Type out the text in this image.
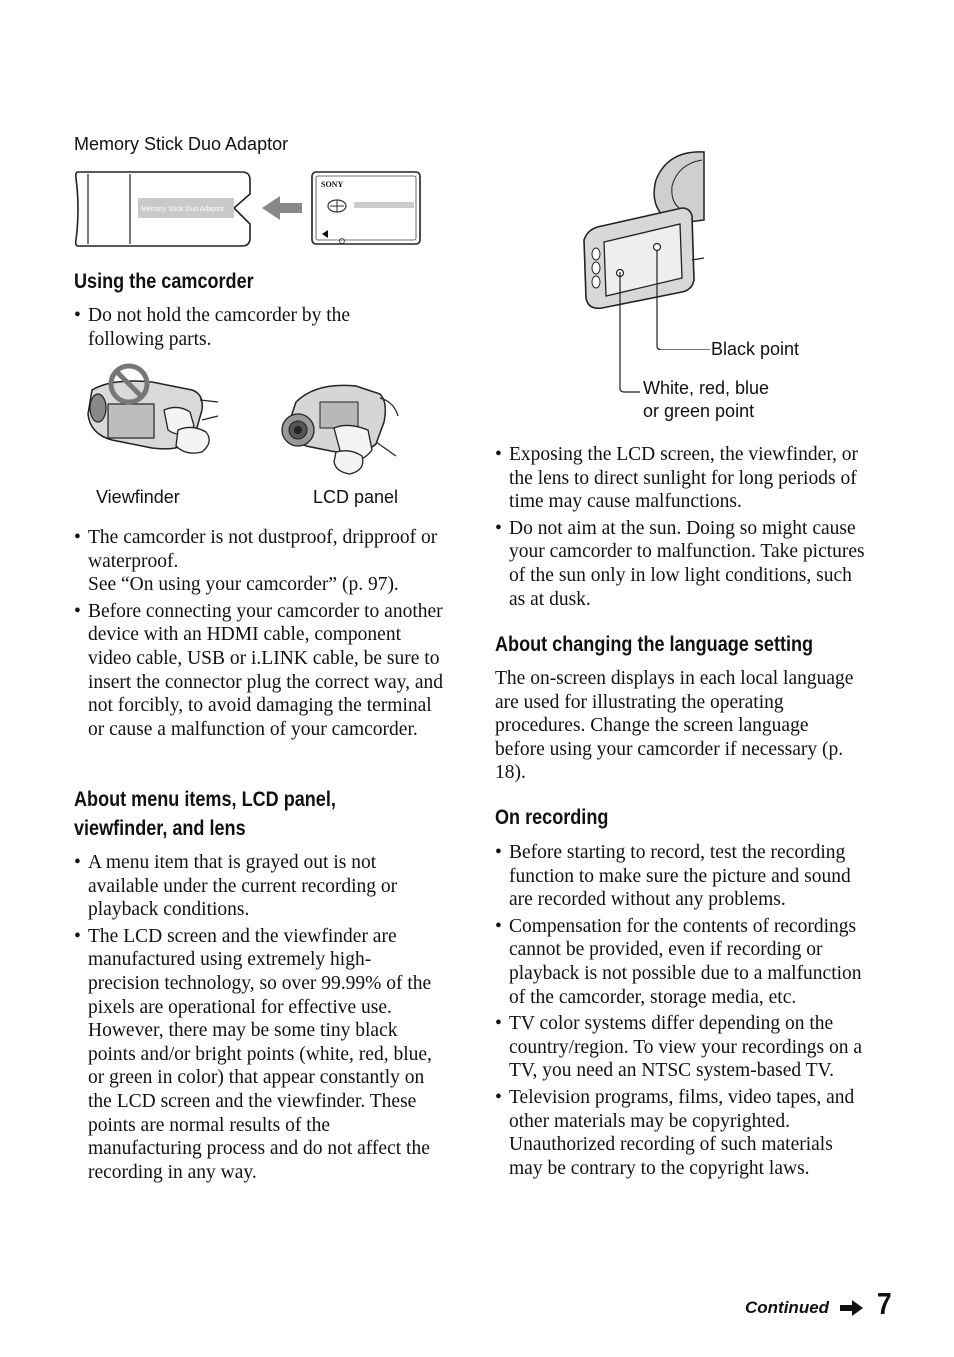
Memory Stick Duo Adaptor
Memory Stick Duo Adaptor
SONY
Using the camcorder
• Do not hold the camcorder by the
following parts.
Viewfinder	LCD panel
• The camcorder is not dustproof, dripproof or waterproof.
See “On using your camcorder” (p. 97).
• Before connecting your camcorder to another device with an HDMI cable, component video cable, USB or i.LINK cable, be sure to insert the connector plug the correct way, and not forcibly, to avoid damaging the terminal or cause a malfunction of your camcorder.
About menu items, LCD panel,
viewfinder, and lens
• A menu item that is grayed out is not available under the current recording or playback conditions.
• The LCD screen and the viewfinder are manufactured using extremely high-precision technology, so over 99.99% of the pixels are operational for effective use. However, there may be some tiny black points and/or bright points (white, red, blue, or green in color) that appear constantly on the LCD screen and the viewfinder. These points are normal results of the manufacturing process and do not affect the recording in any way.
Black point
White, red, blue
or green point
• Exposing the LCD screen, the viewfinder, or the lens to direct sunlight for long periods of time may cause malfunctions.
• Do not aim at the sun. Doing so might cause your camcorder to malfunction. Take pictures of the sun only in low light conditions, such as at dusk.
About changing the language setting

The on-screen displays in each local language are used for illustrating the operating procedures. Change the screen language before using your camcorder if necessary (p. 18).

On recording
• Before starting to record, test the recording function to make sure the picture and sound are recorded without any problems.
• Compensation for the contents of recordings cannot be provided, even if recording or playback is not possible due to a malfunction of the camcorder, storage media, etc.
• TV color systems differ depending on the country/region. To view your recordings on a TV, you need an NTSC system-based TV.
• Television programs, films, video tapes, and other materials may be copyrighted. Unauthorized recording of such materials may be contrary to the copyright laws.
Continued 7
